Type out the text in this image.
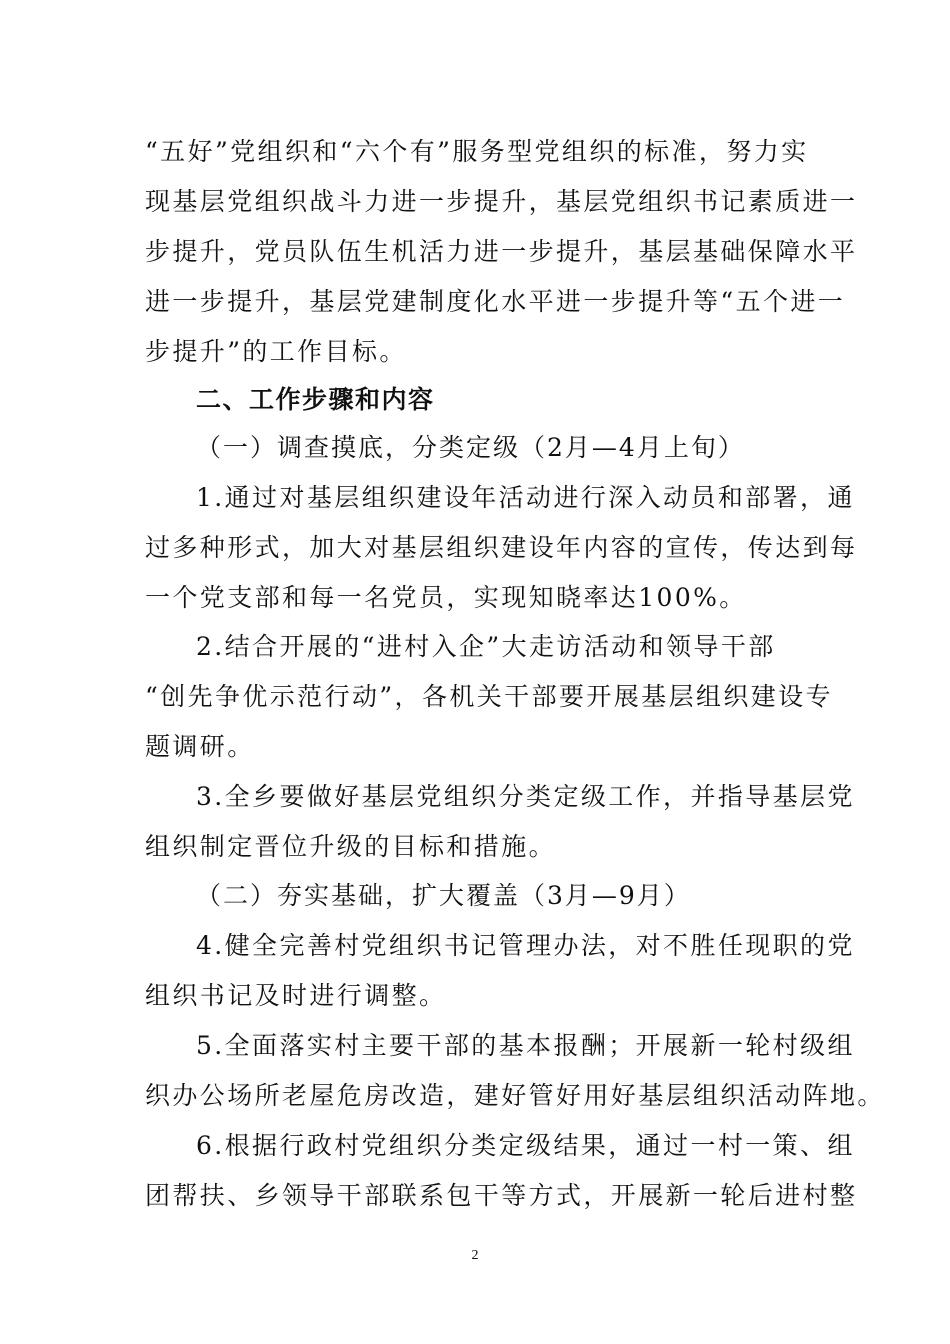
“五好”党组织和“六个有”服务型党组织的标准，努力实
现基层党组织战斗力进一步提升，基层党组织书记素质进一
步提升，党员队伍生机活力进一步提升，基层基础保障水平
进一步提升，基层党建制度化水平进一步提升等“五个进一
步提升”的工作目标。
二、工作步骤和内容
（一）调查摸底，分类定级（2月—4月上旬）
1.通过对基层组织建设年活动进行深入动员和部署，通
过多种形式，加大对基层组织建设年内容的宣传，传达到每
一个党支部和每一名党员，实现知晓率达100%。
2.结合开展的“进村入企”大走访活动和领导干部
“创先争优示范行动”，各机关干部要开展基层组织建设专
题调研。
3.全乡要做好基层党组织分类定级工作，并指导基层党
组织制定晋位升级的目标和措施。
（二）夯实基础，扩大覆盖（3月—9月）
4.健全完善村党组织书记管理办法，对不胜任现职的党
组织书记及时进行调整。
5.全面落实村主要干部的基本报酬；开展新一轮村级组
织办公场所老屋危房改造，建好管好用好基层组织活动阵地。
6.根据行政村党组织分类定级结果，通过一村一策、组
团帮扶、乡领导干部联系包干等方式，开展新一轮后进村整
2
